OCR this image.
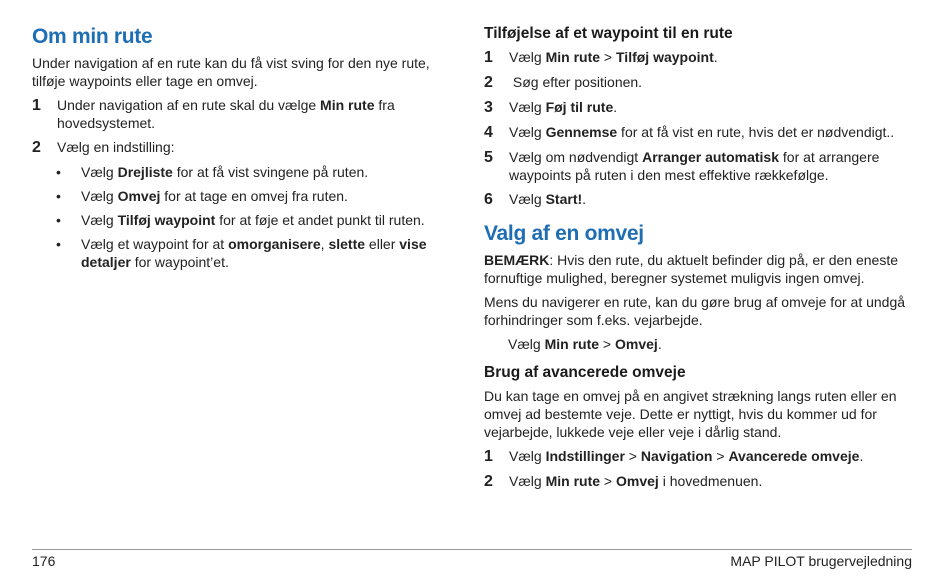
Om min rute
Under navigation af en rute kan du få vist sving for den nye rute, tilføje waypoints eller tage en omvej.
1	Under navigation af en rute skal du vælge Min rute fra hovedsystemet.
2	Vælg en indstilling:
•	Vælg Drejliste for at få vist svingene på ruten.
•	Vælg Omvej for at tage en omvej fra ruten.
•	Vælg Tilføj waypoint for at føje et andet punkt til ruten.
•	Vælg et waypoint for at omorganisere, slette eller vise detaljer for waypoint’et.
Tilføjelse af et waypoint til en rute
1	Vælg Min rute > Tilføj waypoint.
2	Søg efter positionen.
3	Vælg Føj til rute.
4	Vælg Gennemse for at få vist en rute, hvis det er nødvendigt..
5	Vælg om nødvendigt Arranger automatisk for at arrangere waypoints på ruten i den mest effektive rækkefølge.
6	Vælg Start!.
Valg af en omvej
BEMÆRK: Hvis den rute, du aktuelt befinder dig på, er den eneste fornuftige mulighed, beregner systemet muligvis ingen omvej.
Mens du navigerer en rute, kan du gøre brug af omveje for at undgå forhindringer som f.eks. vejarbejde.
Vælg Min rute > Omvej.
Brug af avancerede omveje
Du kan tage en omvej på en angivet strækning langs ruten eller en omvej ad bestemte veje. Dette er nyttigt, hvis du kommer ud for vejarbejde, lukkede veje eller veje i dårlig stand.
1	Vælg Indstillinger > Navigation > Avancerede omveje.
2	Vælg Min rute > Omvej i hovedmenuen.
176	MAP PILOT brugervejledning
